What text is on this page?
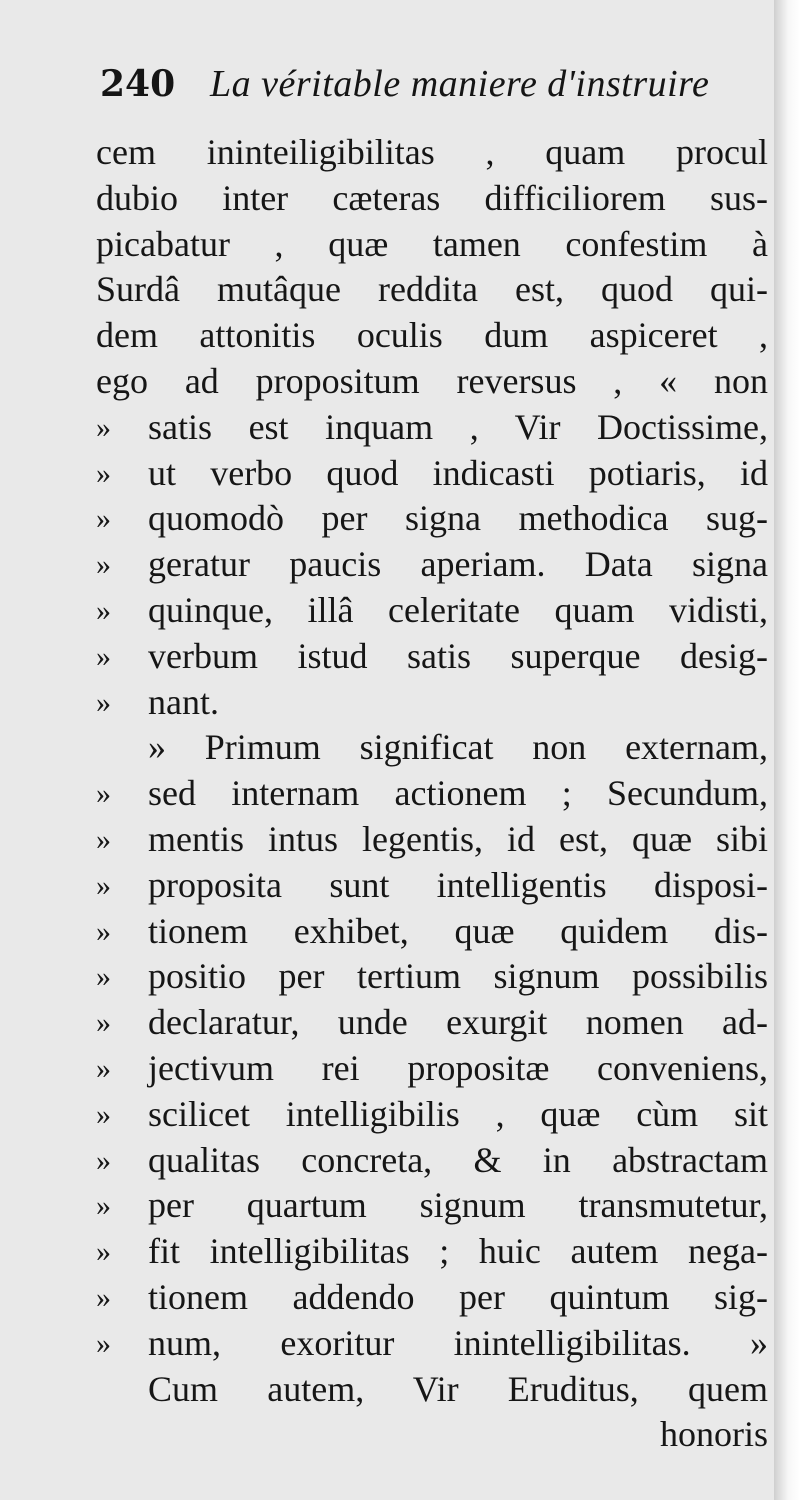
240 La véritable maniere d'instruire
cem ininteiligibilitas , quam procul
dubio inter cæteras difficiliorem sus-
picabatur , quæ tamen confestim à
Surdâ mutâque reddita est, quod qui-
dem attonitis oculis dum aspiceret ,
ego ad propositum reversus , « non
»	satis est inquam , Vir Doctissime,
»	ut verbo quod indicasti potiaris, id
»	quomodò per signa methodica sug-
»	geratur paucis aperiam. Data signa
»	quinque, illâ celeritate quam vidisti,
»	verbum istud satis superque desig-
»	nant.
» Primum significat non externam,
»	sed internam actionem ; Secundum,
»	mentis intus legentis, id est, quæ sibi
»	proposita sunt intelligentis disposi-
»	tionem exhibet, quæ quidem dis-
»	positio per tertium signum possibilis
»	declaratur, unde exurgit nomen ad-
»	jectivum rei propositæ conveniens,
»	scilicet intelligibilis , quæ cùm sit
»	qualitas concreta, & in abstractam
»	per quartum signum transmutetur,
»	fit intelligibilitas ; huic autem nega-
»	tionem addendo per quintum sig-
»	num, exoritur inintelligibilitas. »
Cum autem, Vir Eruditus, quem
honoris
